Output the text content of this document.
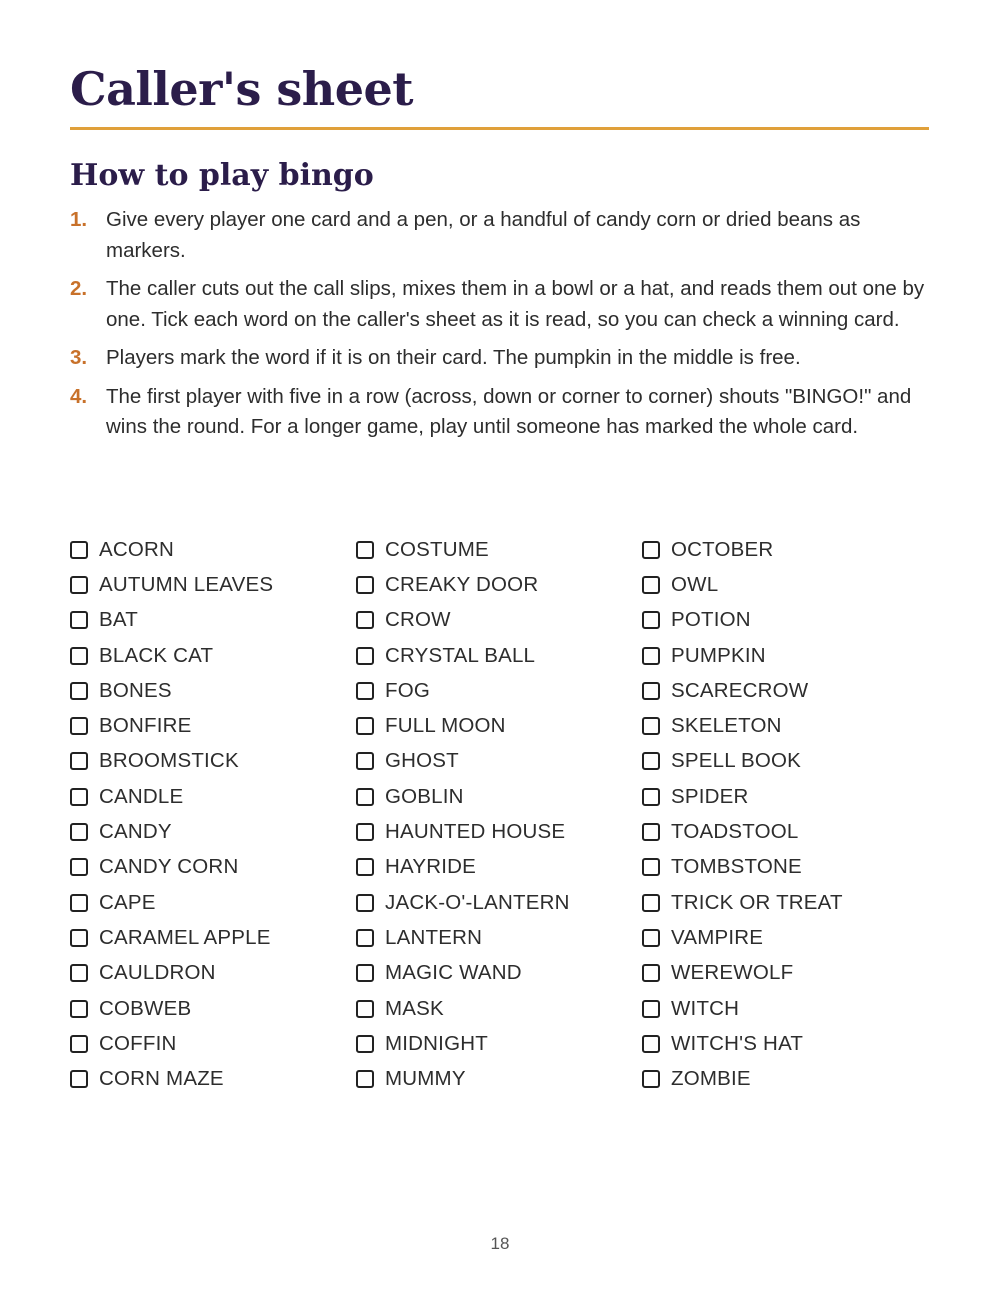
Caller's sheet
How to play bingo
1. Give every player one card and a pen, or a handful of candy corn or dried beans as markers.
2. The caller cuts out the call slips, mixes them in a bowl or a hat, and reads them out one by one. Tick each word on the caller's sheet as it is read, so you can check a winning card.
3. Players mark the word if it is on their card. The pumpkin in the middle is free.
4. The first player with five in a row (across, down or corner to corner) shouts "BINGO!" and wins the round. For a longer game, play until someone has marked the whole card.
ACORN
AUTUMN LEAVES
BAT
BLACK CAT
BONES
BONFIRE
BROOMSTICK
CANDLE
CANDY
CANDY CORN
CAPE
CARAMEL APPLE
CAULDRON
COBWEB
COFFIN
CORN MAZE
COSTUME
CREAKY DOOR
CROW
CRYSTAL BALL
FOG
FULL MOON
GHOST
GOBLIN
HAUNTED HOUSE
HAYRIDE
JACK-O'-LANTERN
LANTERN
MAGIC WAND
MASK
MIDNIGHT
MUMMY
OCTOBER
OWL
POTION
PUMPKIN
SCARECROW
SKELETON
SPELL BOOK
SPIDER
TOADSTOOL
TOMBSTONE
TRICK OR TREAT
VAMPIRE
WEREWOLF
WITCH
WITCH'S HAT
ZOMBIE
18
